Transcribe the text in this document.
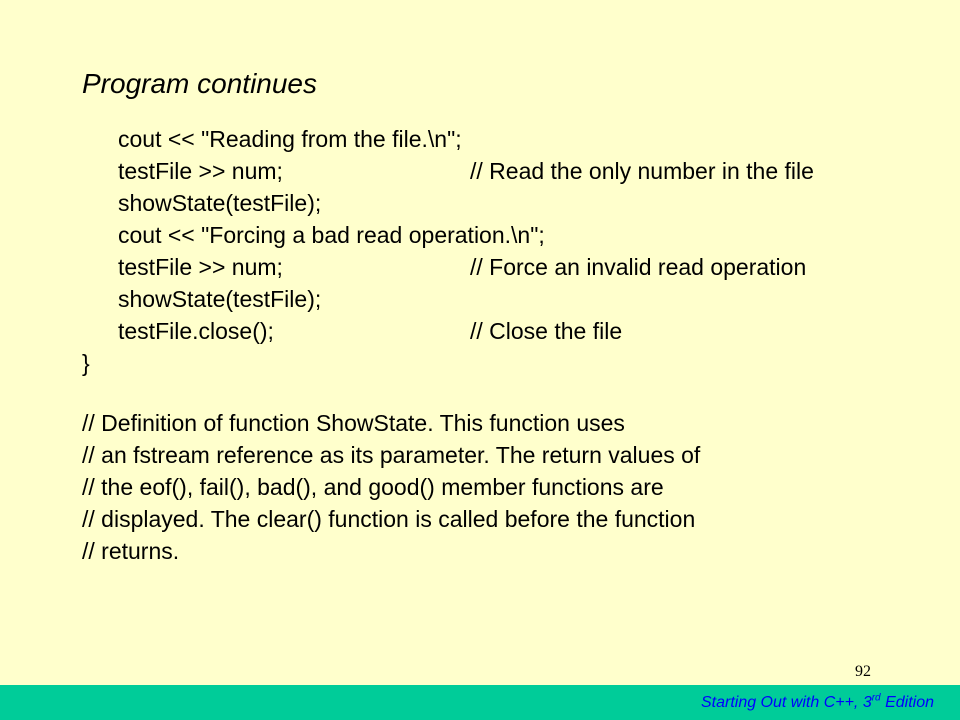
Program continues
cout << "Reading from the file.\n";
testFile >> num;	// Read the only number in the file
showState(testFile);
cout << "Forcing a bad read operation.\n";
testFile >> num;	// Force an invalid read operation
showState(testFile);
testFile.close();	// Close the file
}
// Definition of function ShowState. This function uses
// an fstream reference as its parameter. The return values of
// the eof(), fail(), bad(), and good() member functions are
// displayed. The clear() function is called before the function
// returns.
92
Starting Out with C++, 3rd Edition
